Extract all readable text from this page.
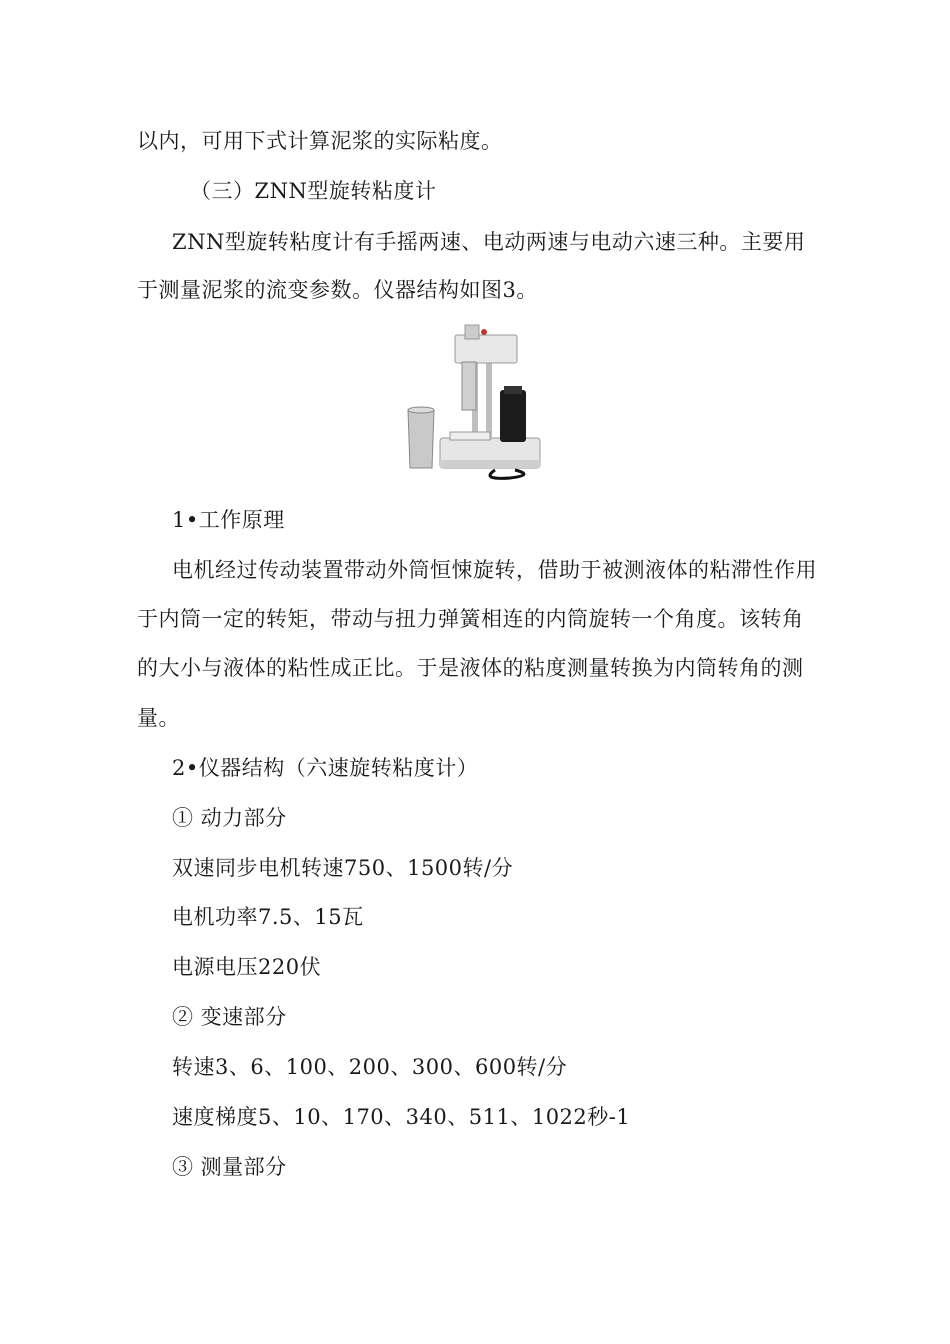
以内，可用下式计算泥浆的实际粘度。
（三）ZNN型旋转粘度计
ZNN型旋转粘度计有手摇两速、电动两速与电动六速三种。主要用
于测量泥浆的流变参数。仪器结构如图3。
1•工作原理
电机经过传动装置带动外筒恒悚旋转，借助于被测液体的粘滞性作用
于内筒一定的转矩，带动与扭力弹簧相连的内筒旋转一个角度。该转角
的大小与液体的粘性成正比。于是液体的粘度测量转换为内筒转角的测
量。
2•仪器结构（六速旋转粘度计）
① 动力部分
双速同步电机转速750、1500转/分
电机功率7.5、15瓦
电源电压220伏
② 变速部分
转速3、6、100、200、300、600转/分
速度梯度5、10、170、340、511、1022秒-1
③ 测量部分
